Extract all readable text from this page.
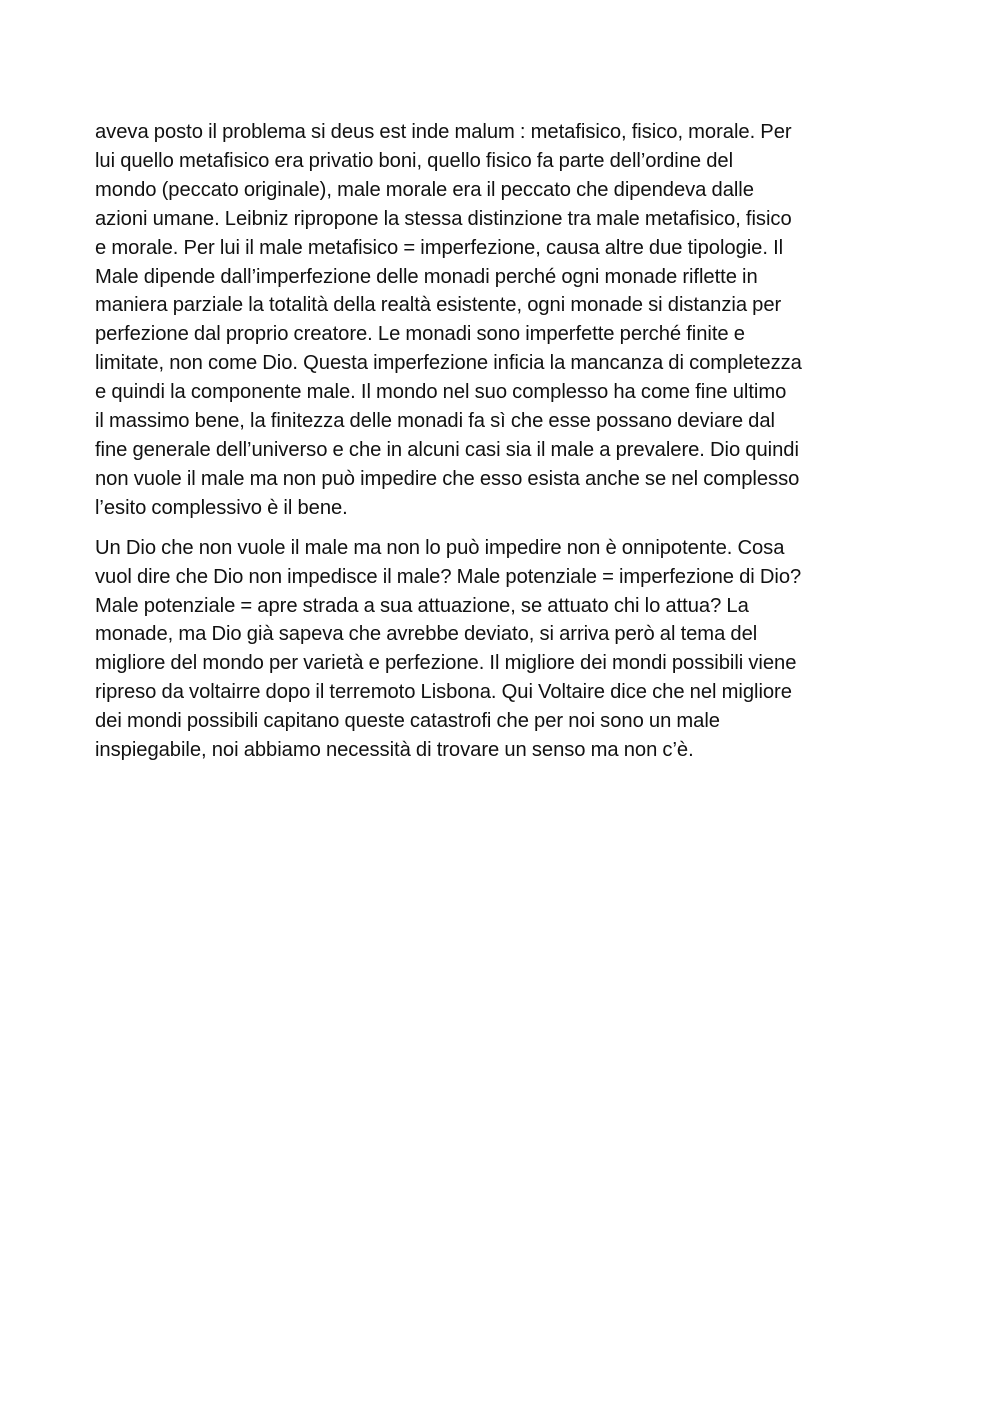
aveva posto il problema si deus est inde malum : metafisico, fisico, morale. Per
lui quello metafisico era privatio boni, quello fisico fa parte dell’ordine del
mondo (peccato originale), male morale era il peccato che dipendeva dalle
azioni umane. Leibniz ripropone la stessa distinzione tra male metafisico, fisico
e morale. Per lui il male metafisico = imperfezione, causa altre due tipologie. Il
Male dipende dall’imperfezione delle monadi perché ogni monade riflette in
maniera parziale la totalità della realtà esistente, ogni monade si distanzia per
perfezione dal proprio creatore. Le monadi sono imperfette perché finite e
limitate, non come Dio. Questa imperfezione inficia la mancanza di completezza
e quindi la componente male. Il mondo nel suo complesso ha come fine ultimo
il massimo bene, la finitezza delle monadi fa sì che esse possano deviare dal
fine generale dell’universo e che in alcuni casi sia il male a prevalere. Dio quindi
non vuole il male ma non può impedire che esso esista anche se nel complesso
l’esito complessivo è il bene.

Un Dio che non vuole il male ma non lo può impedire non è onnipotente. Cosa
vuol dire che Dio non impedisce il male? Male potenziale = imperfezione di Dio?
Male potenziale = apre strada a sua attuazione, se attuato chi lo attua? La
monade, ma Dio già sapeva che avrebbe deviato, si arriva però al tema del
migliore del mondo per varietà e perfezione. Il migliore dei mondi possibili viene
ripreso da voltairre dopo il terremoto Lisbona. Qui Voltaire dice che nel migliore
dei mondi possibili capitano queste catastrofi che per noi sono un male
inspiegabile, noi abbiamo necessità di trovare un senso ma non c’è.
